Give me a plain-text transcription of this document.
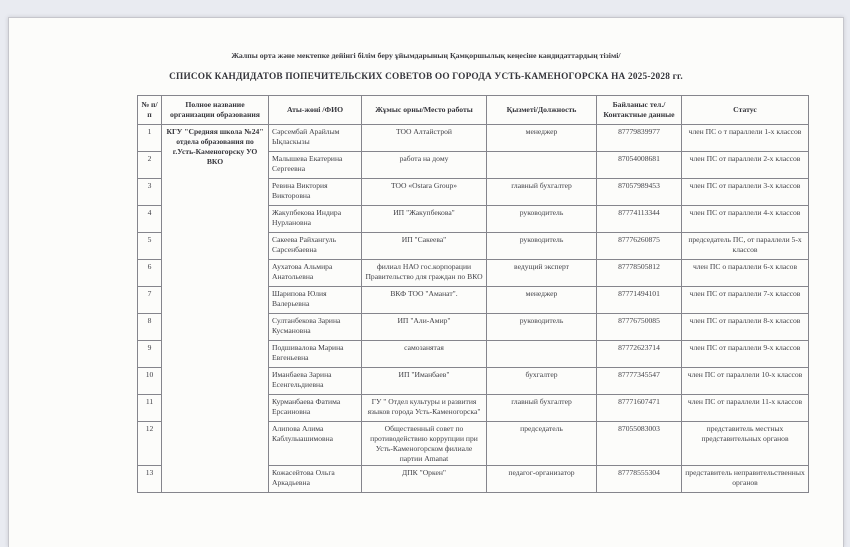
Жалпы орта және мектепке дейінгі білім беру ұйымдарының Қамқоршылық кеңесіне кандидаттардың тізімі/
СПИСОК КАНДИДАТОВ ПОПЕЧИТЕЛЬСКИХ СОВЕТОВ ОО ГОРОДА УСТЬ-КАМЕНОГОРСКА НА 2025-2028 гг.
№ п/п	Полное название организации образования	Аты-жөні /ФИО	Жұмыс орны/Место работы	Қызметі/Должность	Байланыс тел./Контактные данные	Статус
1	КГУ "Средняя школа №24" отдела образования по г.Усть-Каменогорску УО ВКО	Сәрсембай Арайлым Ықласкызы	ТОО Алтайстрой	менеджер	87779839977	член ПС о т параллели 1-х классов
2		Малышева Екатерина Сергеевна	работа на дому		87054008681	член ПС от параллели 2-х классов
3		Ревина Виктория Викторовна	ТОО «Ostara Group»	главный бухгалтер	87057989453	член ПС от параллели 3-х классов
4		Жакупбекова Индира Нурлановна	ИП "Жакупбекова"	руководитель	87774113344	член ПС от параллели 4-х классов
5		Сакеева Райхангуль Сарсенбаевна	ИП "Сакеева"	руководитель	87776260875	председатель ПС, от параллели 5-х классов
6		Аухатова Альмира Анатольевна	филиал НАО гос.корпорации Правительство для граждан по ВКО	ведущий эксперт	87778505812	член ПС о параллели 6-х класов
7		Шарипова Юлия Валерьевна	ВКФ ТОО "Аманат".	менеджер	87771494101	член ПС от параллели 7-х классов
8		Султанбекова Зарина Кусмановна	ИП "Али-Амир"	руководитель	87776750085	член ПС от параллели 8-х классов
9		Подшивалова Марина Евгеньевна	самозанятая		87772623714	член ПС от параллели 9-х классов
10		Иманбаева Зарина Есенгельдиевна	ИП "Иманбаев"	бухгалтер	87777345547	член ПС от параллели 10-х классов
11		Курманбаева Фатима Ерсаиновна	ГУ " Отдел культуры и развития языков города Усть-Каменогорска"	главный бухгалтер	87771607471	член ПС от параллели 11-х классов
12		Алипова Алима Каблулыашимовна	Общественный совет по противодействию коррупции при Усть-Каменогорском филиале партии Amanat	председатель	87055083003	представитель местных представительных органов
13		Кожасейтова Ольга Аркадьевна	ДПК "Оркен"	педагог-организатор	87778555304	представитель неправительственных органов
